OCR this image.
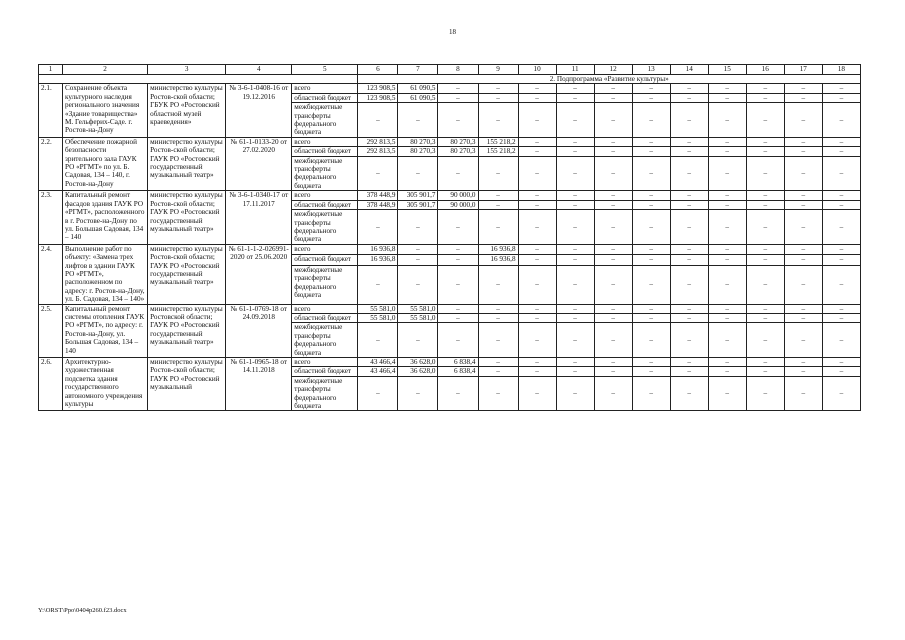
18
1	2	3	4	5	6	7	8	9	10	11	12	13	14	15	16	17	18
					2. Подпрограмма «Развитие культуры»												
2.1.	Сохранение объекта культурного наследия регионального значения «Здание товарищества» М. Гельферих-Саде. г. Ростов-на-Дону	министерство культуры Ростов-ской области; ГБУК РО «Ростовский областной музей краеведения»	№ 3-6-1-0408-16 от 19.12.2016	всего	123 908,5	61 090,5	–	–	–	–	–	–	–	–	–	–	–
				областной бюджет	123 908,5	61 090,5	–	–	–	–	–	–	–	–	–	–	–
				межбюджетные трансферты федерального бюджета	–	–	–	–	–	–	–	–	–	–	–	–	–
2.2.	Обеспечение пожарной безопасности зрительного зала ГАУК РО «РГМТ» по ул. Б. Садовая, 134 – 140, г. Ростов-на-Дону	министерство культуры Ростов-ской области; ГАУК РО «Ростовский государственный музыкальный театр»	№ 61-1-0133-20 от 27.02.2020	всего	292 813,5	80 270,3	80 270,3	155 218,2	–	–	–	–	–	–	–	–	–
				областной бюджет	292 813,5	80 270,3	80 270,3	155 218,2	–	–	–	–	–	–	–	–	–
				межбюджетные трансферты федерального бюджета	–	–	–	–	–	–	–	–	–	–	–	–	–
2.3.	Капитальный ремонт фасадов здания ГАУК РО «РГМТ», расположенного в г. Ростове-на-Дону по ул. Большая Садовая, 134 – 140	министерство культуры Ростов-ской области; ГАУК РО «Ростовский государственный музыкальный театр»	№ 3-6-1-0340-17 от 17.11.2017	всего	378 448,9	305 901,7	90 000,0	–	–	–	–	–	–	–	–	–	–
				областной бюджет	378 448,9	305 901,7	90 000,0	–	–	–	–	–	–	–	–	–	–
				межбюджетные трансферты федерального бюджета	–	–	–	–	–	–	–	–	–	–	–	–	–
2.4.	Выполнение работ по объекту: «Замена трех лифтов в здании ГАУК РО «РГМТ», расположенном по адресу: г. Ростов-на-Дону, ул. Б. Садовая, 134 – 140»	министерство культуры Ростов-ской области; ГАУК РО «Ростовский государственный музыкальный театр»	№ 61-1-1-2-026991-2020 от 25.06.2020	всего	16 936,8	–	–	16 936,8	–	–	–	–	–	–	–	–	–
				областной бюджет	16 936,8	–	–	16 936,8	–	–	–	–	–	–	–	–	–
				межбюджетные трансферты федерального бюджета	–	–	–	–	–	–	–	–	–	–	–	–	–
2.5.	Капитальный ремонт системы отопления ГАУК РО «РГМТ», по адресу: г. Ростов-на-Дону, ул. Большая Садовая, 134 – 140	министерство культуры Ростовской области; ГАУК РО «Ростовский государственный музыкальный театр»	№ 61-1-0769-18 от 24.09.2018	всего	55 581,0	55 581,0	–	–	–	–	–	–	–	–	–	–	–
				областной бюджет	55 581,0	55 581,0	–	–	–	–	–	–	–	–	–	–	–
				межбюджетные трансферты федерального бюджета	–	–	–	–	–	–	–	–	–	–	–	–	–
2.6.	Архитектурно-художественная подсветка здания государственного автономного учреждения культуры	министерство культуры Ростов-ской области; ГАУК РО «Ростовский музыкальный	№ 61-1-0965-18 от 14.11.2018	всего	43 466,4	36 628,0	6 838,4	–	–	–	–	–	–	–	–	–	–
				областной бюджет	43 466,4	36 628,0	6 838,4	–	–	–	–	–	–	–	–	–	–
				межбюджетные трансферты федерального бюджета	–	–	–	–	–	–	–	–	–	–	–	–	–
Y:\ORST\Ppo\0404p260.f23.docx
